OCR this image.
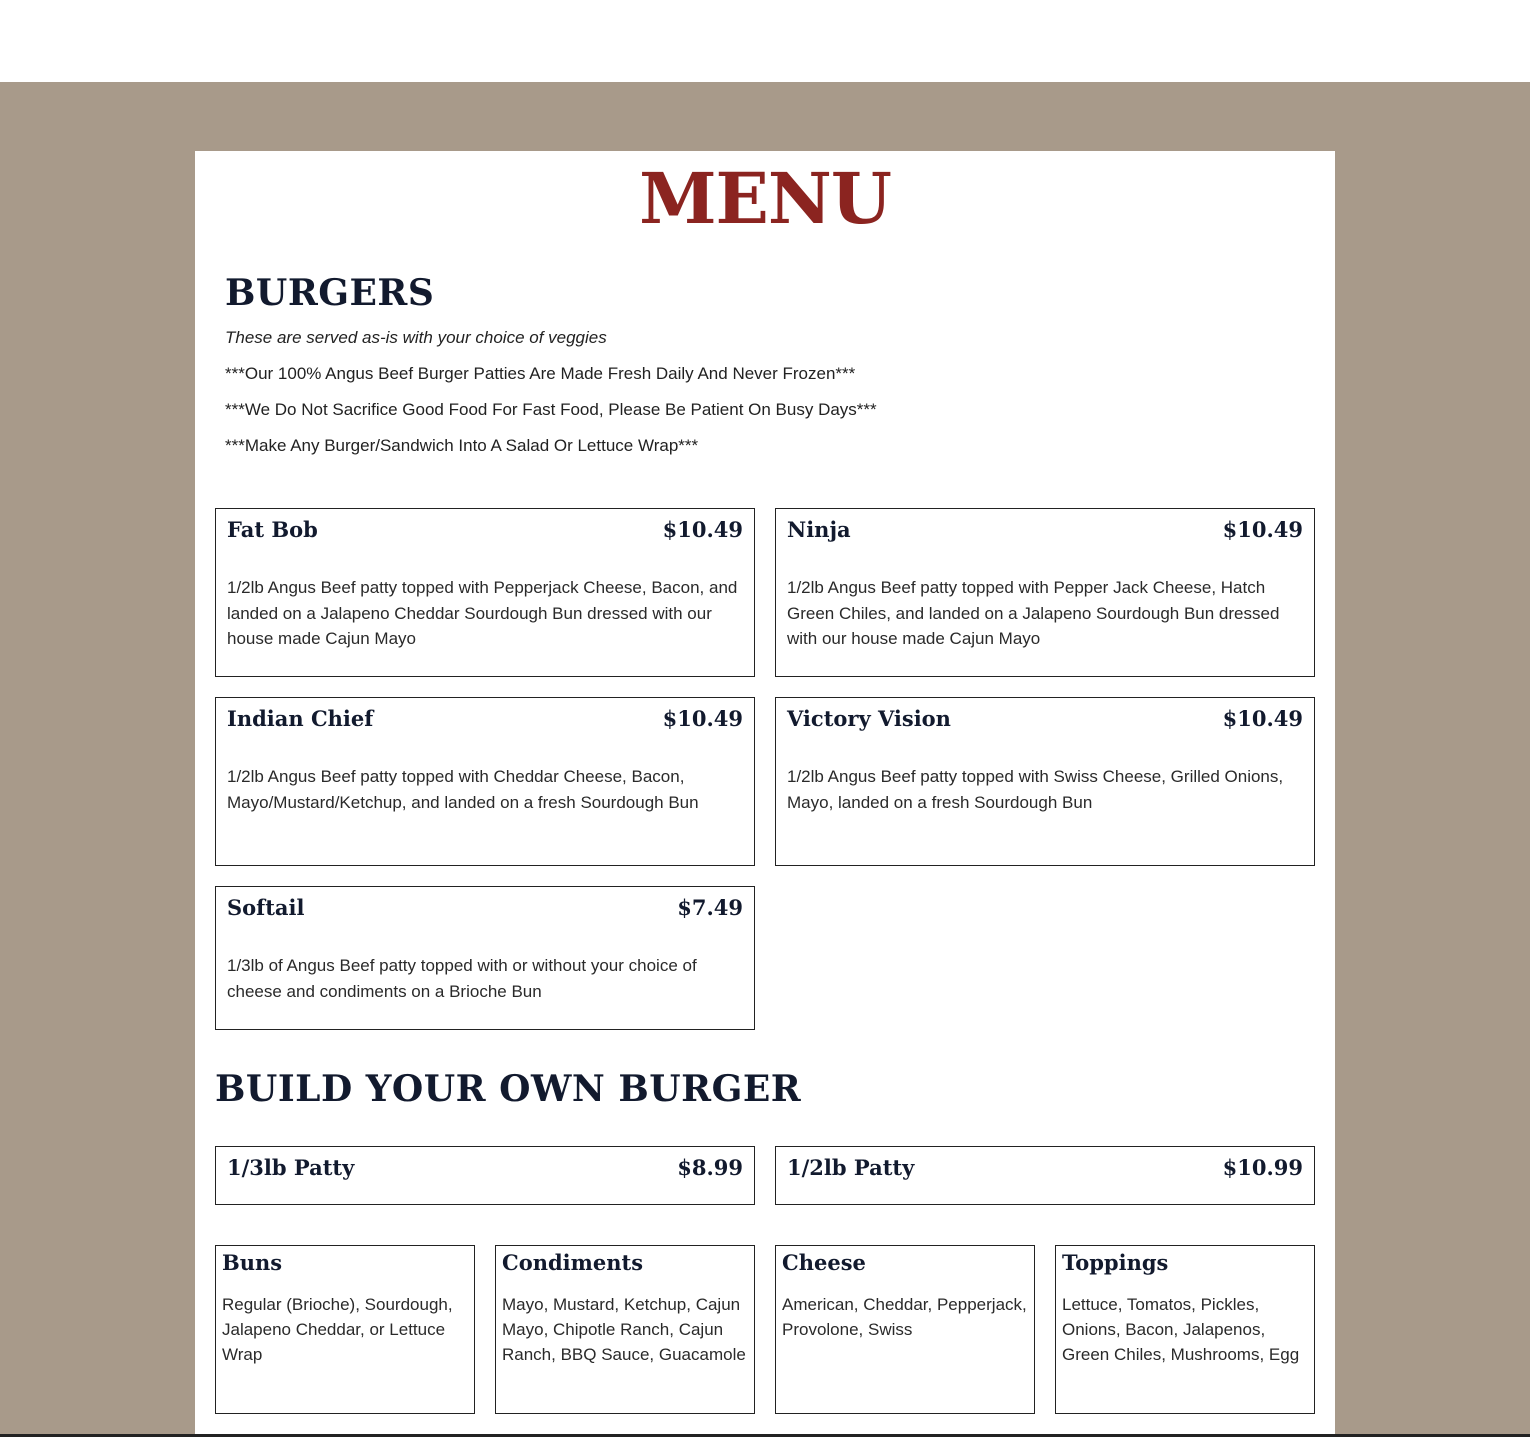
MENU
BURGERS
These are served as-is with your choice of veggies
***Our 100% Angus Beef Burger Patties Are Made Fresh Daily And Never Frozen***
***We Do Not Sacrifice Good Food For Fast Food, Please Be Patient On Busy Days***
***Make Any Burger/Sandwich Into A Salad Or Lettuce Wrap***
Fat Bob	$10.49
1/2lb Angus Beef patty topped with Pepperjack Cheese, Bacon, and landed on a Jalapeno Cheddar Sourdough Bun dressed with our house made Cajun Mayo
Ninja	$10.49
1/2lb Angus Beef patty topped with Pepper Jack Cheese, Hatch Green Chiles, and landed on a Jalapeno Sourdough Bun dressed with our house made Cajun Mayo
Indian Chief	$10.49
1/2lb Angus Beef patty topped with Cheddar Cheese, Bacon, Mayo/Mustard/Ketchup, and landed on a fresh Sourdough Bun
Victory Vision	$10.49
1/2lb Angus Beef patty topped with Swiss Cheese, Grilled Onions, Mayo, landed on a fresh Sourdough Bun
Softail	$7.49
1/3lb of Angus Beef patty topped with or without your choice of cheese and condiments on a Brioche Bun
BUILD YOUR OWN BURGER
1/3lb Patty	$8.99 1/2lb Patty	$10.99
Buns
Regular (Brioche), Sourdough, Jalapeno Cheddar, or Lettuce Wrap
Condiments
Mayo, Mustard, Ketchup, Cajun Mayo, Chipotle Ranch, Cajun Ranch, BBQ Sauce, Guacamole
Cheese
American, Cheddar, Pepperjack, Provolone, Swiss
Toppings
Lettuce, Tomatos, Pickles, Onions, Bacon, Jalapenos, Green Chiles, Mushrooms, Egg
